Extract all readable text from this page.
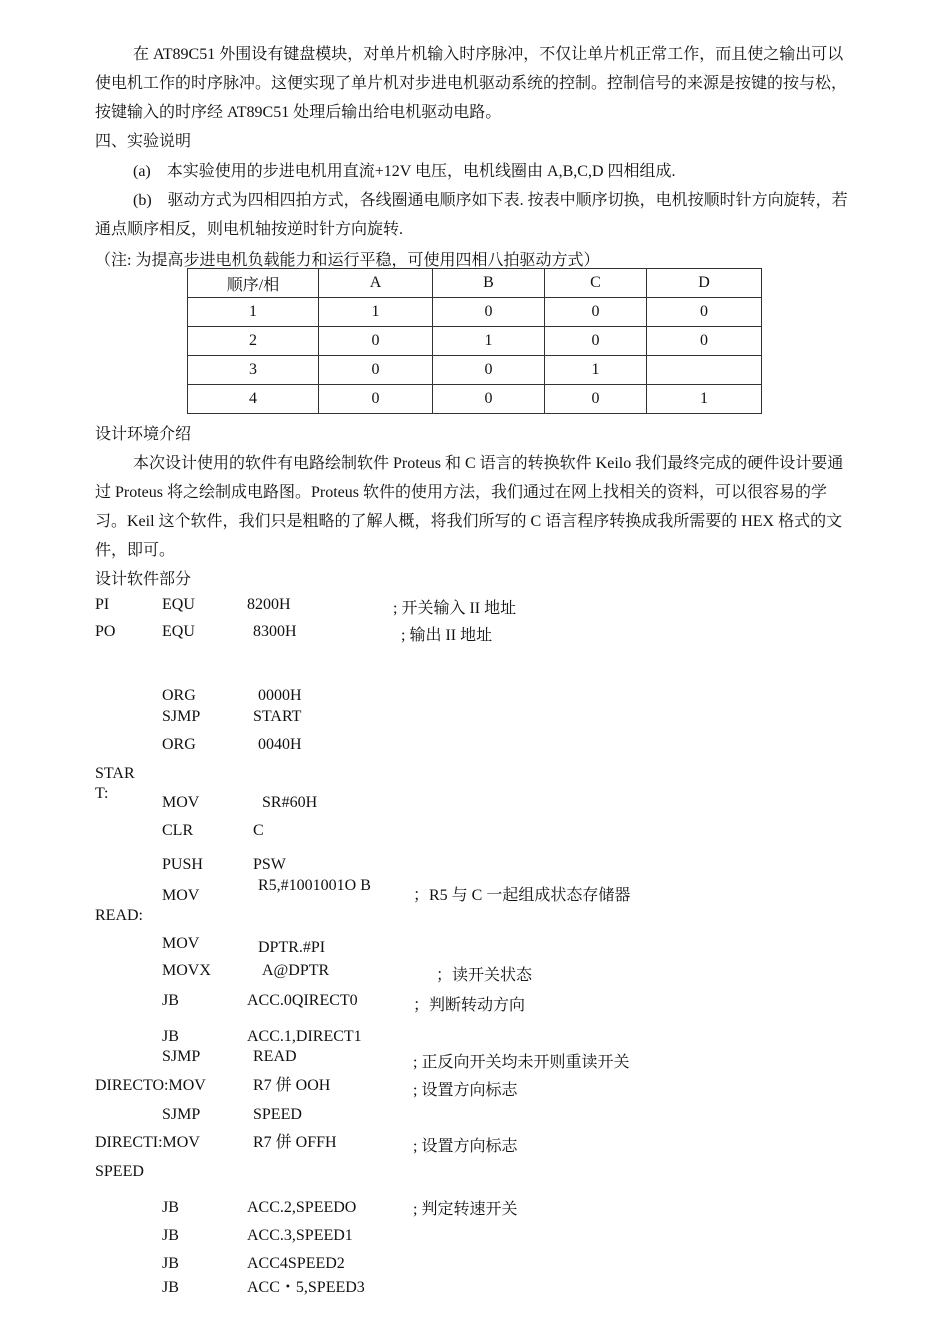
在 AT89C51 外围设有键盘模块，对单片机输入时序脉冲，不仅让单片机正常工作，而且使之输出可以使电机工作的时序脉冲。这便实现了单片机对步进电机驱动系统的控制。控制信号的来源是按键的按与松，按键输入的时序经 AT89C51 处理后输出给电机驱动电路。

四、实验说明

(a)　本实验使用的步进电机用直流+12V 电压，电机线圈由 A,B,C,D 四相组成.

(b)　驱动方式为四相四拍方式，各线圈通电顺序如下表. 按表中顺序切换，电机按顺时针方向旋转，若通点顺序相反，则电机轴按逆时针方向旋转.

（注: 为提高步进电机负载能力和运行平稳，可使用四相八拍驱动方式）
顺序/相	A	B	C	D
1	1	0	0	0
2	0	1	0	0
3	0	0	1	
4	0	0	0	1
设计环境介绍

本次设计使用的软件有电路绘制软件 Proteus 和 C 语言的转换软件 Keilo 我们最终完成的硬件设计要通过 Proteus 将之绘制成电路图。Proteus 软件的使用方法，我们通过在网上找相关的资料，可以很容易的学习。Keil 这个软件，我们只是粗略的了解人概，将我们所写的 C 语言程序转换成我所需要的 HEX 格式的文件，即可。

设计软件部分
PI	EQU	8200H	; 开关输入 II 地址
PO	EQU	8300H	; 输出 II 地址
ORG	0000H
SJMP	START
ORG	0040H
STAR T:
MOV	SR#60H
CLR	C
PUSH	PSW
MOV
R5,#1001001O B
；R5 与 C 一起组成状态存储器
READ:
MOV	DPTR.#PI
MOVX	A@DPTR	；读开关状态
JB	ACC.0QIRECT0	；判断转动方向
JB	ACC.1,DIRECT1
SJMP	READ	; 正反向开关均未开则重读开关
DIRECTO:MOV	R7 併 OOH	; 设置方向标志
SJMP	SPEED
DIRECTI:MOV	R7 併 OFFH	; 设置方向标志
SPEED
JB	ACC.2,SPEEDO	; 判定转速开关
JB	ACC.3,SPEED1
JB	ACC4SPEED2
JB	ACC・5,SPEED3
